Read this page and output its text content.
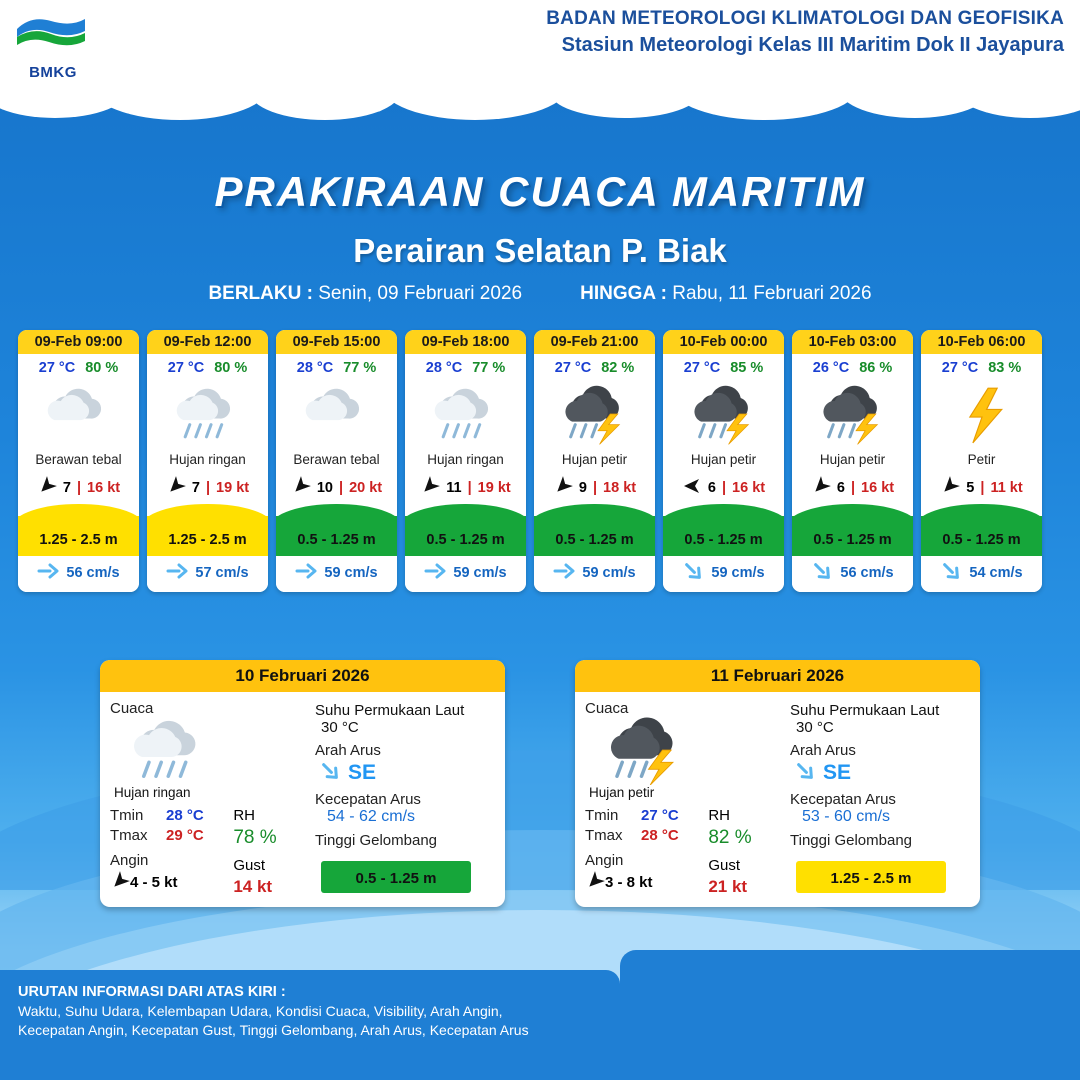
BMKG
BADAN METEOROLOGI KLIMATOLOGI DAN GEOFISIKA
Stasiun Meteorologi Kelas III Maritim Dok II Jayapura
PRAKIRAAN CUACA MARITIM
Perairan Selatan P. Biak
BERLAKU : Senin, 09 Februari 2026	HINGGA : Rabu, 11 Februari 2026
09-Feb 09:00
27 °C 80 %
Berawan tebal
7 | 16 kt
1.25 - 2.5 m
56 cm/s
09-Feb 12:00
27 °C 80 %
Hujan ringan
7 | 19 kt
1.25 - 2.5 m
57 cm/s
09-Feb 15:00
28 °C 77 %
Berawan tebal
10 | 20 kt
0.5 - 1.25 m
59 cm/s
09-Feb 18:00
28 °C 77 %
Hujan ringan
11 | 19 kt
0.5 - 1.25 m
59 cm/s
09-Feb 21:00
27 °C 82 %
Hujan petir
9 | 18 kt
0.5 - 1.25 m
59 cm/s
10-Feb 00:00
27 °C 85 %
Hujan petir
6 | 16 kt
0.5 - 1.25 m
59 cm/s
10-Feb 03:00
26 °C 86 %
Hujan petir
6 | 16 kt
0.5 - 1.25 m
56 cm/s
10-Feb 06:00
27 °C 83 %
Petir
5 | 11 kt
0.5 - 1.25 m
54 cm/s
10 Februari 2026
Cuaca
Hujan ringan
Tmin	28 °C
Tmax	29 °C
Angin
4 - 5 kt
RH
78 %
Gust
14 kt
Suhu Permukaan Laut
30 °C
Arah Arus
SE
Kecepatan Arus
54 - 62 cm/s
Tinggi Gelombang
0.5 - 1.25 m
11 Februari 2026
Cuaca
Hujan petir
Tmin	27 °C
Tmax	28 °C
Angin
3 - 8 kt
RH
82 %
Gust
21 kt
Suhu Permukaan Laut
30 °C
Arah Arus
SE
Kecepatan Arus
53 - 60 cm/s
Tinggi Gelombang
1.25 - 2.5 m
URUTAN INFORMASI DARI ATAS KIRI :
Waktu, Suhu Udara, Kelembapan Udara, Kondisi Cuaca, Visibility, Arah Angin,
Kecepatan Angin, Kecepatan Gust, Tinggi Gelombang, Arah Arus, Kecepatan Arus
